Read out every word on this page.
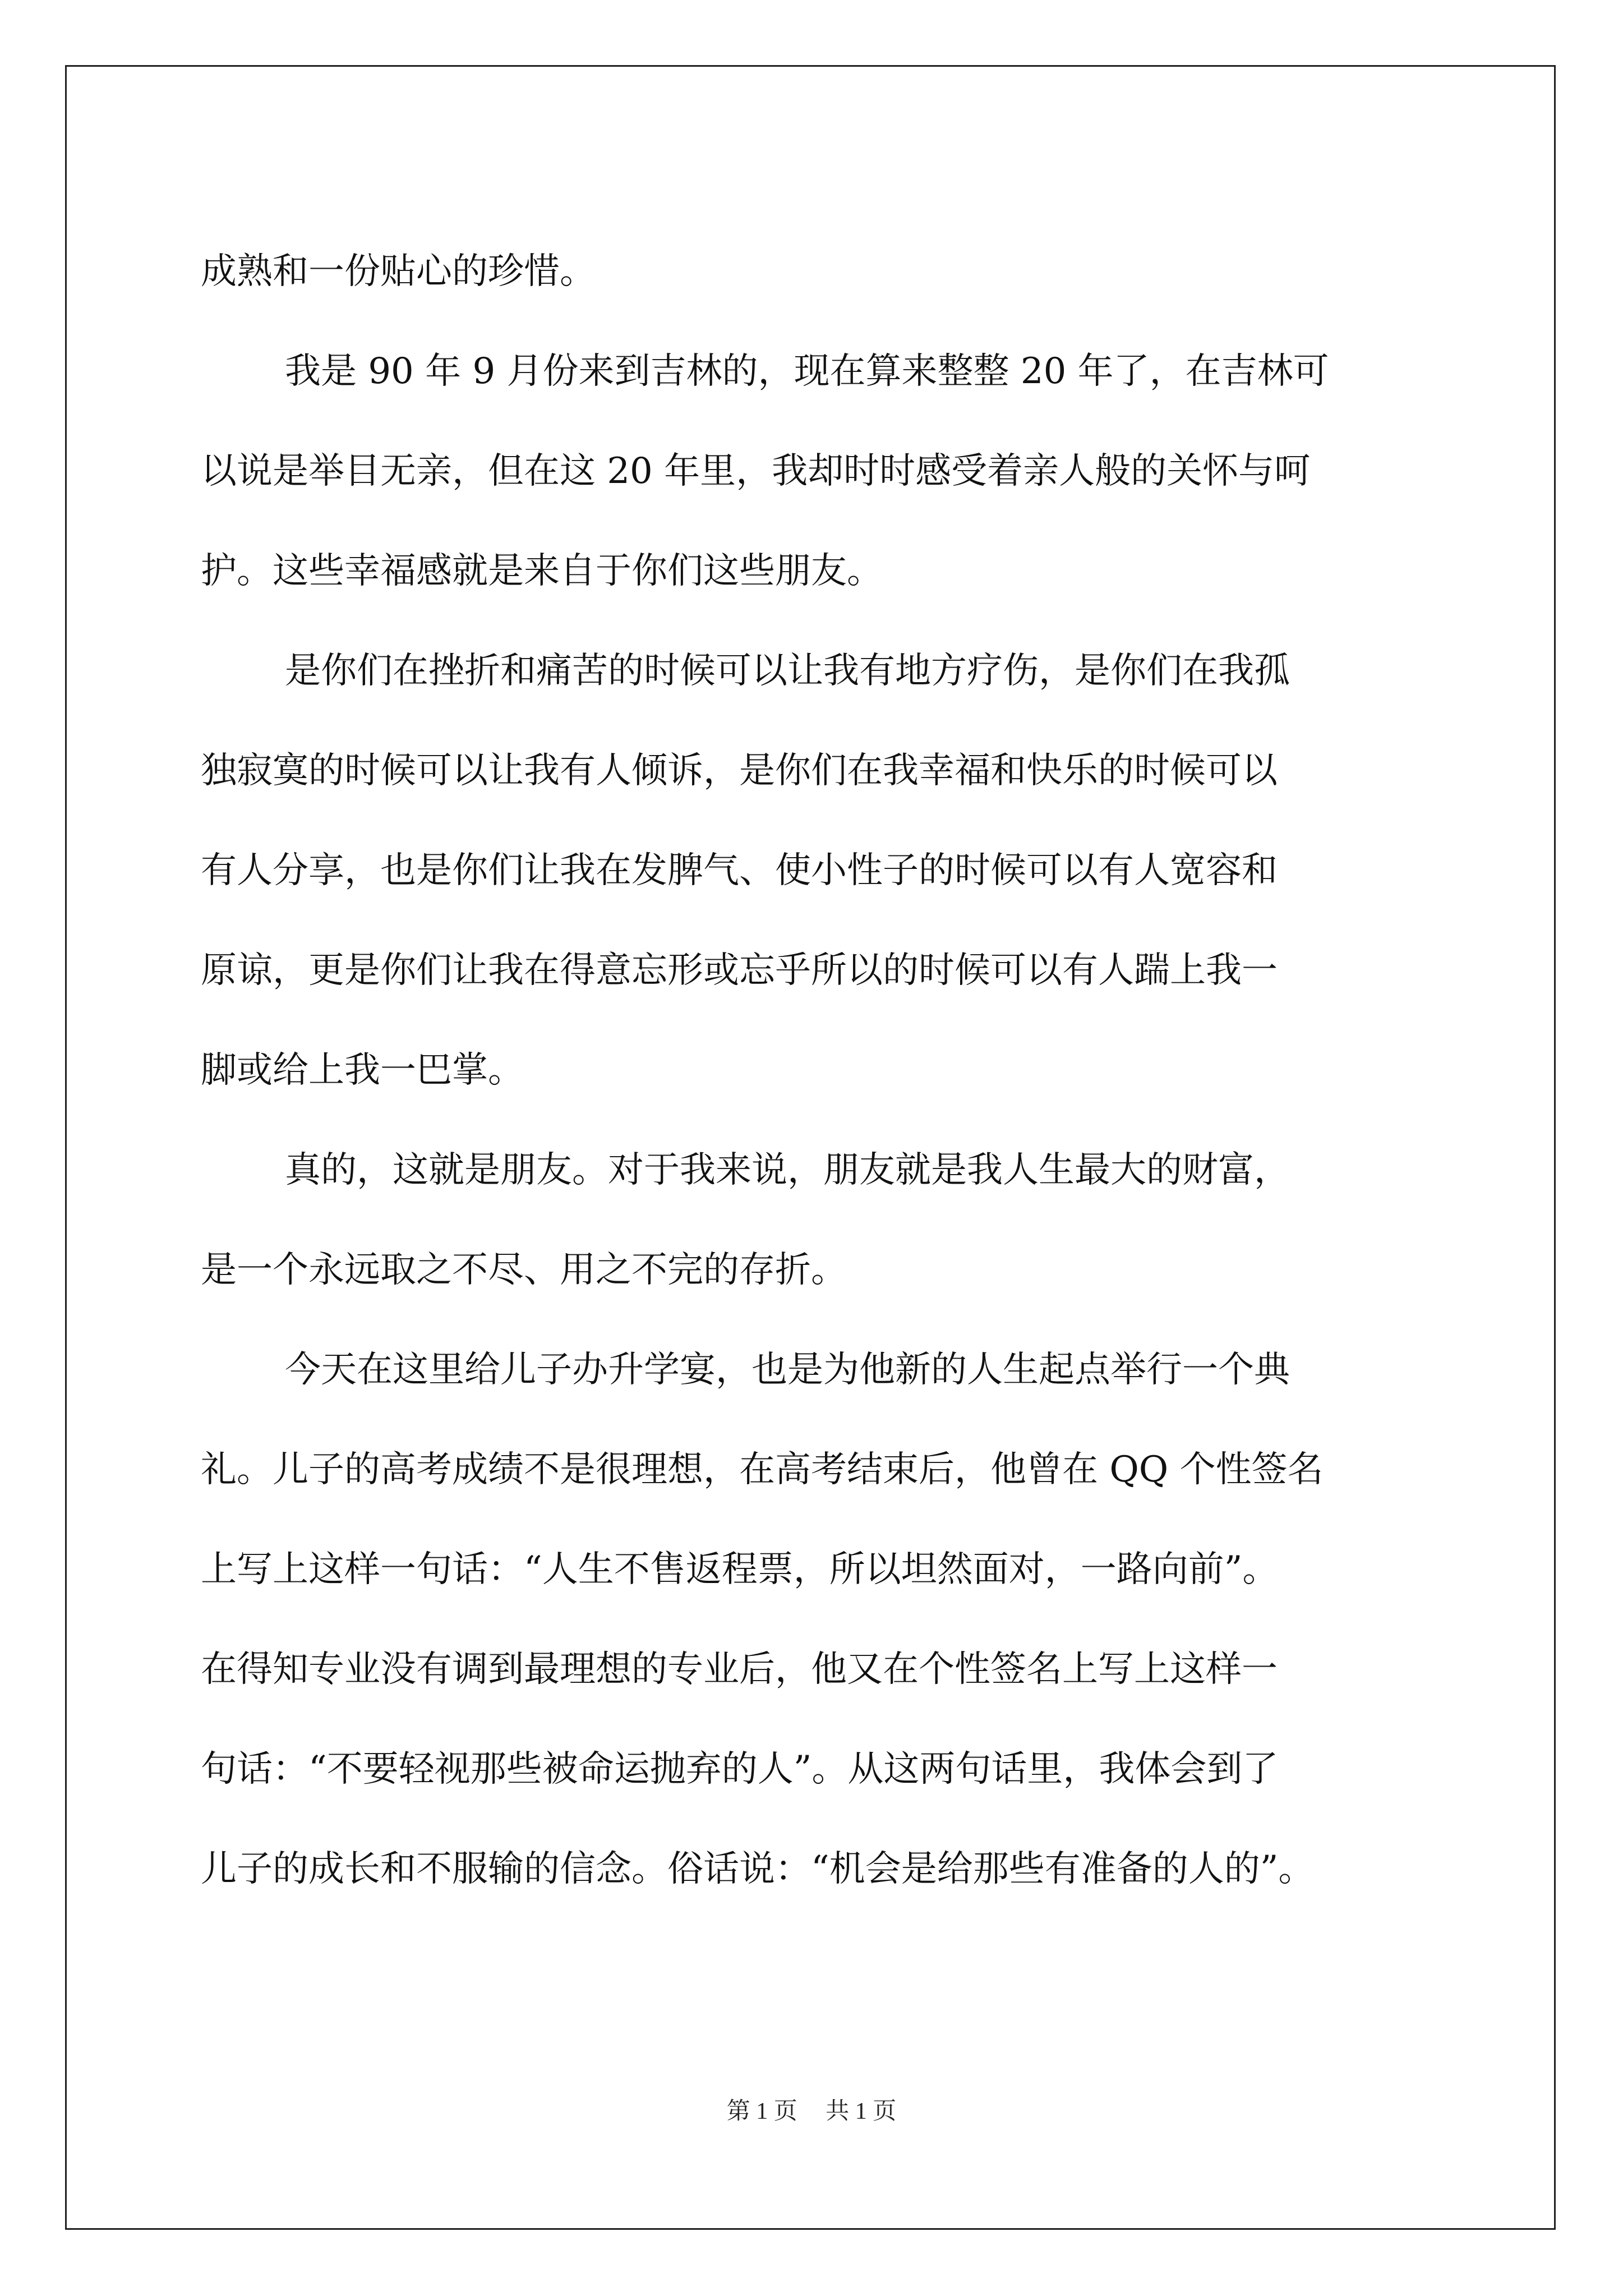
成熟和一份贴心的珍惜。
我是 90 年 9 月份来到吉林的，现在算来整整 20 年了，在吉林可
以说是举目无亲，但在这 20 年里，我却时时感受着亲人般的关怀与呵
护。这些幸福感就是来自于你们这些朋友。
是你们在挫折和痛苦的时候可以让我有地方疗伤，是你们在我孤
独寂寞的时候可以让我有人倾诉，是你们在我幸福和快乐的时候可以
有人分享，也是你们让我在发脾气、使小性子的时候可以有人宽容和
原谅，更是你们让我在得意忘形或忘乎所以的时候可以有人踹上我一
脚或给上我一巴掌。
真的，这就是朋友。对于我来说，朋友就是我人生最大的财富，
是一个永远取之不尽、用之不完的存折。
今天在这里给儿子办升学宴，也是为他新的人生起点举行一个典
礼。儿子的高考成绩不是很理想，在高考结束后，他曾在 QQ 个性签名
上写上这样一句话：“人生不售返程票，所以坦然面对，一路向前”。
在得知专业没有调到最理想的专业后，他又在个性签名上写上这样一
句话：“不要轻视那些被命运抛弃的人”。从这两句话里，我体会到了
儿子的成长和不服输的信念。俗话说：“机会是给那些有准备的人的”。
第 1 页 共 1 页
